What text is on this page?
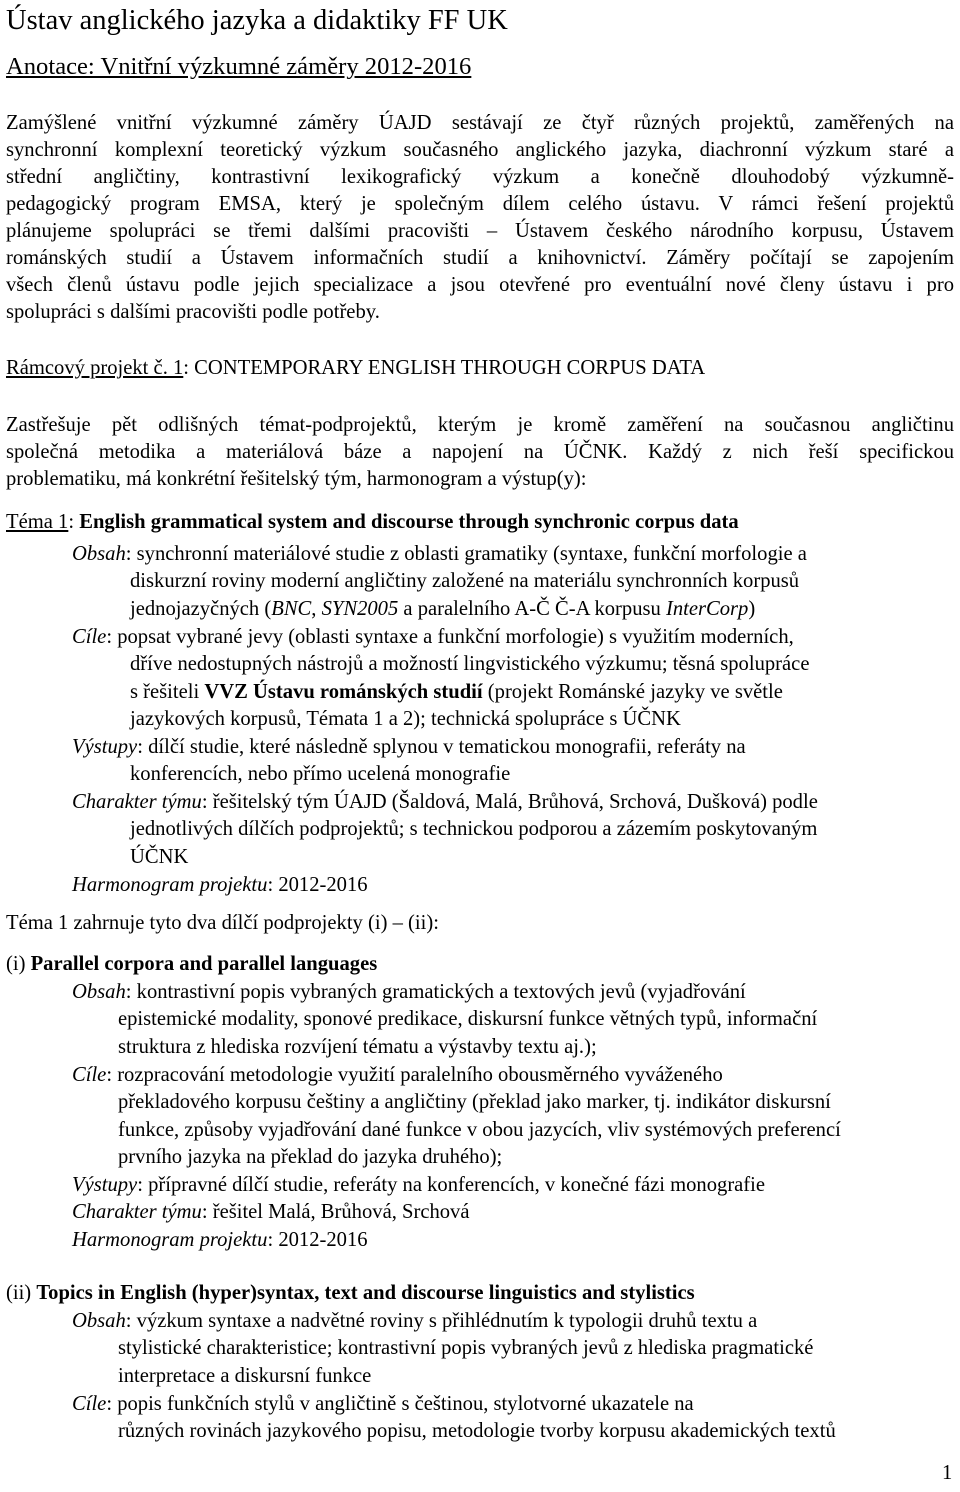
Ústav anglického jazyka a didaktiky FF UK
Anotace: Vnitřní výzkumné záměry 2012-2016
Zamýšlené vnitřní výzkumné záměry ÚAJD sestávají ze čtyř různých projektů, zaměřených na
synchronní komplexní teoretický výzkum současného anglického jazyka, diachronní výzkum staré a
střední angličtiny, kontrastivní lexikografický výzkum a konečně dlouhodobý výzkumně-
pedagogický program EMSA, který je společným dílem celého ústavu. V rámci řešení projektů
plánujeme spolupráci se třemi dalšími pracovišti – Ústavem českého národního korpusu, Ústavem
románských studií a Ústavem informačních studií a knihovnictví. Záměry počítají se zapojením
všech členů ústavu podle jejich specializace a jsou otevřené pro eventuální nové členy ústavu i pro
spolupráci s dalšími pracovišti podle potřeby.
Rámcový projekt č. 1: CONTEMPORARY ENGLISH THROUGH CORPUS DATA
Zastřešuje pět odlišných témat-podprojektů, kterým je kromě zaměření na současnou angličtinu
společná metodika a materiálová báze a napojení na ÚČNK. Každý z nich řeší specifickou
problematiku, má konkrétní řešitelský tým, harmonogram a výstup(y):
Téma 1: English grammatical system and discourse through synchronic corpus data
Obsah: synchronní materiálové studie z oblasti gramatiky (syntaxe, funkční morfologie a
diskurzní roviny moderní angličtiny založené na materiálu synchronních korpusů
jednojazyčných (BNC, SYN2005 a paralelního A-Č Č-A korpusu InterCorp)
Cíle: popsat vybrané jevy (oblasti syntaxe a funkční morfologie) s využitím moderních,
dříve nedostupných nástrojů a možností lingvistického výzkumu; těsná spolupráce
s řešiteli VVZ Ústavu románských studií (projekt Románské jazyky ve světle
jazykových korpusů, Témata 1 a 2); technická spolupráce s ÚČNK
Výstupy: dílčí studie, které následně splynou v tematickou monografii, referáty na
konferencích, nebo přímo ucelená monografie
Charakter týmu: řešitelský tým ÚAJD (Šaldová, Malá, Brůhová, Srchová, Dušková) podle
jednotlivých dílčích podprojektů; s technickou podporou a zázemím poskytovaným
ÚČNK
Harmonogram projektu: 2012-2016
Téma 1 zahrnuje tyto dva dílčí podprojekty (i) – (ii):
(i) Parallel corpora and parallel languages
Obsah: kontrastivní popis vybraných gramatických a textových jevů (vyjadřování
epistemické modality, sponové predikace, diskursní funkce větných typů, informační
struktura z hlediska rozvíjení tématu a výstavby textu aj.);
Cíle: rozpracování metodologie využití paralelního obousměrného vyváženého
překladového korpusu češtiny a angličtiny (překlad jako marker, tj. indikátor diskursní
funkce, způsoby vyjadřování dané funkce v obou jazycích, vliv systémových preferencí
prvního jazyka na překlad do jazyka druhého);
Výstupy: přípravné dílčí studie, referáty na konferencích, v konečné fázi monografie
Charakter týmu: řešitel Malá, Brůhová, Srchová
Harmonogram projektu: 2012-2016
(ii) Topics in English (hyper)syntax, text and discourse linguistics and stylistics
Obsah: výzkum syntaxe a nadvětné roviny s přihlédnutím k typologii druhů textu a
stylistické charakteristice; kontrastivní popis vybraných jevů z hlediska pragmatické
interpretace a diskursní funkce
Cíle: popis funkčních stylů v angličtině s češtinou, stylotvorné ukazatele na
různých rovinách jazykového popisu, metodologie tvorby korpusu akademických textů
1
